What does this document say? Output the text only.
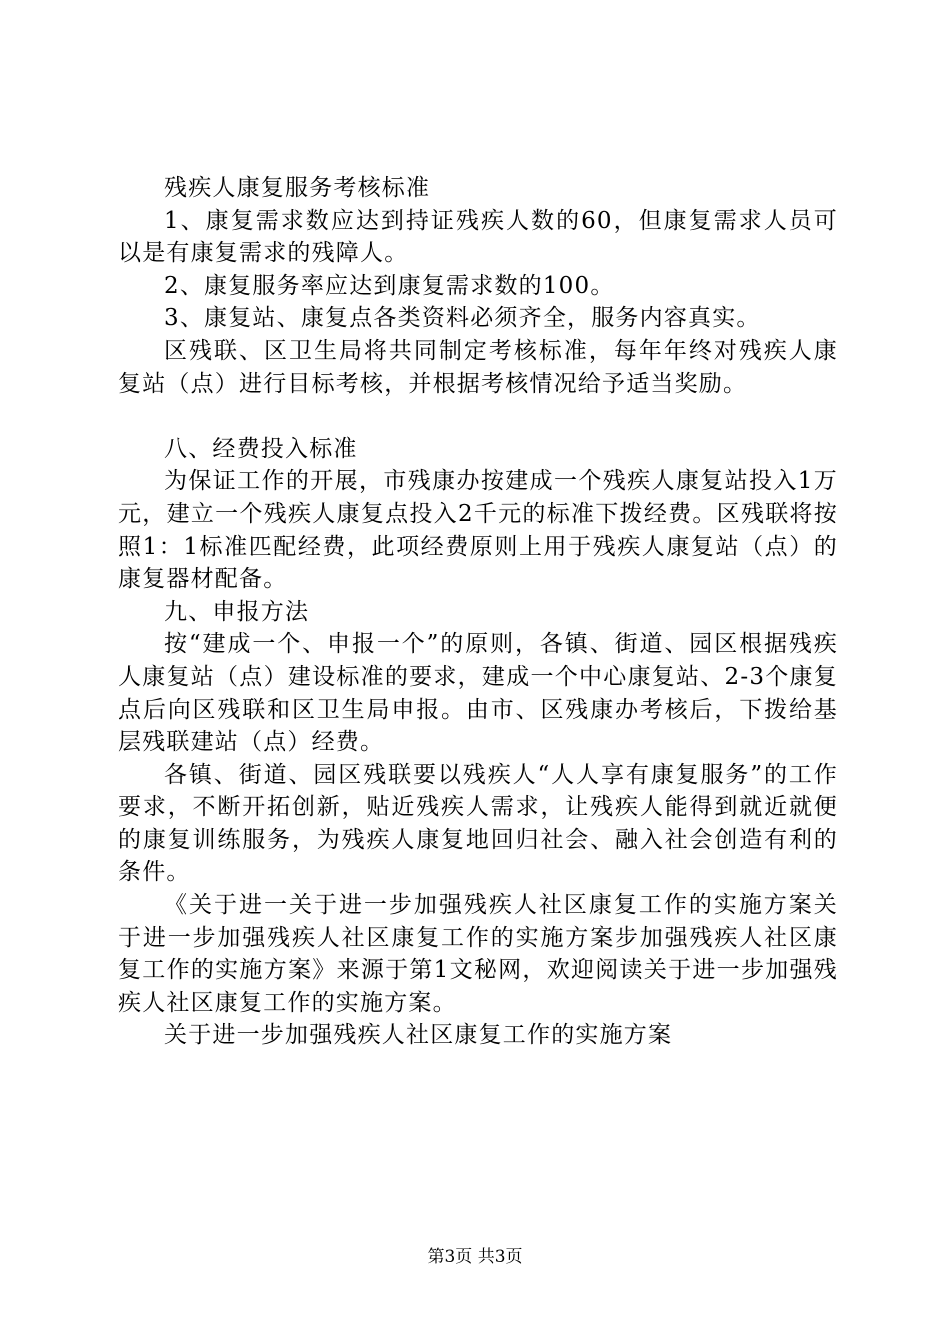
残疾人康复服务考核标准

1、康复需求数应达到持证残疾人数的60，但康复需求人员可以是有康复需求的残障人。

2、康复服务率应达到康复需求数的100。

3、康复站、康复点各类资料必须齐全，服务内容真实。

区残联、区卫生局将共同制定考核标准，每年年终对残疾人康复站（点）进行目标考核，并根据考核情况给予适当奖励。

八、经费投入标准

为保证工作的开展，市残康办按建成一个残疾人康复站投入1万元，建立一个残疾人康复点投入2千元的标准下拨经费。区残联将按照1：1标准匹配经费，此项经费原则上用于残疾人康复站（点）的康复器材配备。

九、申报方法

按“建成一个、申报一个”的原则，各镇、街道、园区根据残疾人康复站（点）建设标准的要求，建成一个中心康复站、2-3个康复点后向区残联和区卫生局申报。由市、区残康办考核后，下拨给基层残联建站（点）经费。

各镇、街道、园区残联要以残疾人“人人享有康复服务”的工作要求，不断开拓创新，贴近残疾人需求，让残疾人能得到就近就便的康复训练服务，为残疾人康复地回归社会、融入社会创造有利的条件。

《关于进一关于进一步加强残疾人社区康复工作的实施方案关于进一步加强残疾人社区康复工作的实施方案步加强残疾人社区康复工作的实施方案》来源于第1文秘网，欢迎阅读关于进一步加强残疾人社区康复工作的实施方案。

关于进一步加强残疾人社区康复工作的实施方案

第3页 共3页
